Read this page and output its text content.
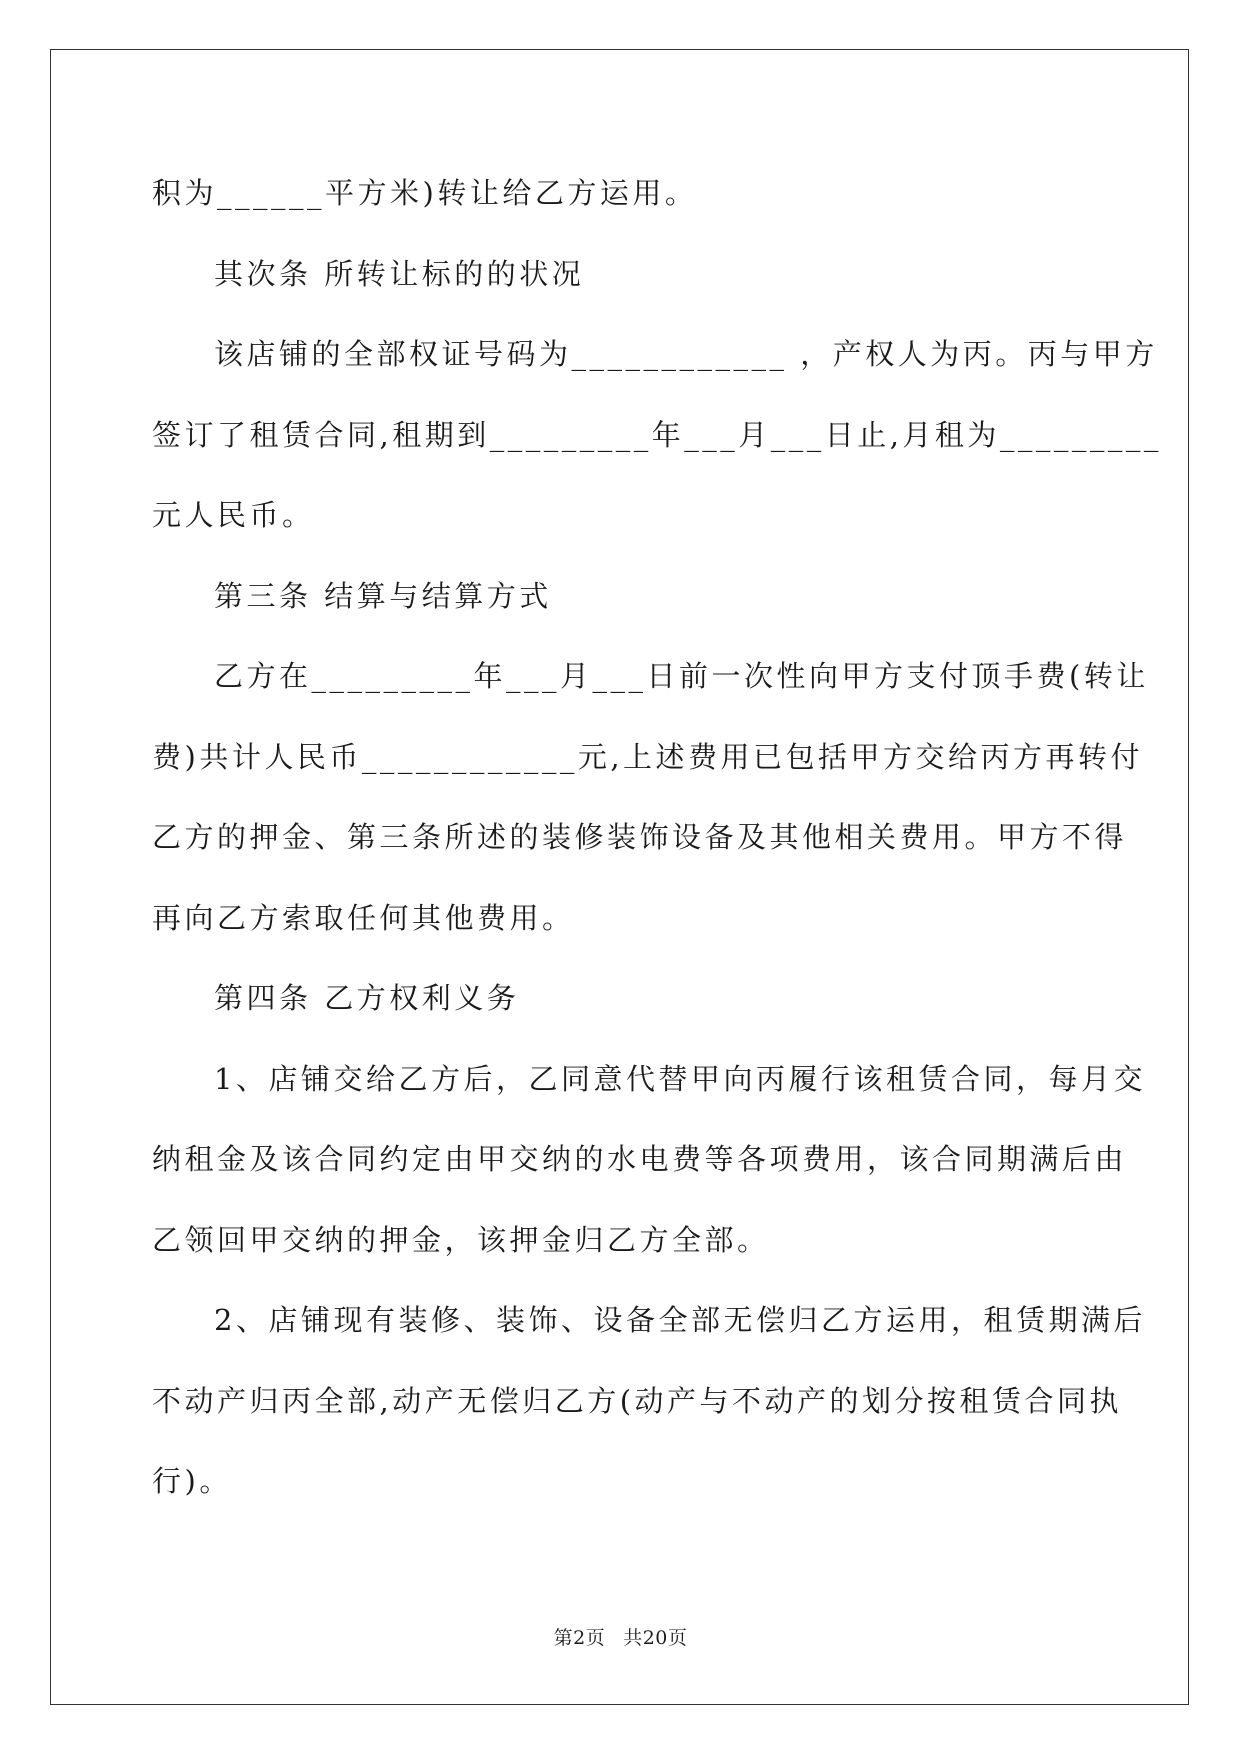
积为______平方米)转让给乙方运用。
其次条 所转让标的的状况
该店铺的全部权证号码为____________ ，产权人为丙。丙与甲方
签订了租赁合同,租期到_________年___月___日止,月租为_________
元人民币。
第三条 结算与结算方式
乙方在_________年___月___日前一次性向甲方支付顶手费(转让
费)共计人民币____________元,上述费用已包括甲方交给丙方再转付
乙方的押金、第三条所述的装修装饰设备及其他相关费用。甲方不得
再向乙方索取任何其他费用。
第四条 乙方权利义务
1、店铺交给乙方后，乙同意代替甲向丙履行该租赁合同，每月交
纳租金及该合同约定由甲交纳的水电费等各项费用，该合同期满后由
乙领回甲交纳的押金，该押金归乙方全部。
2、店铺现有装修、装饰、设备全部无偿归乙方运用，租赁期满后
不动产归丙全部,动产无偿归乙方(动产与不动产的划分按租赁合同执
行)。
第2页 共20页
